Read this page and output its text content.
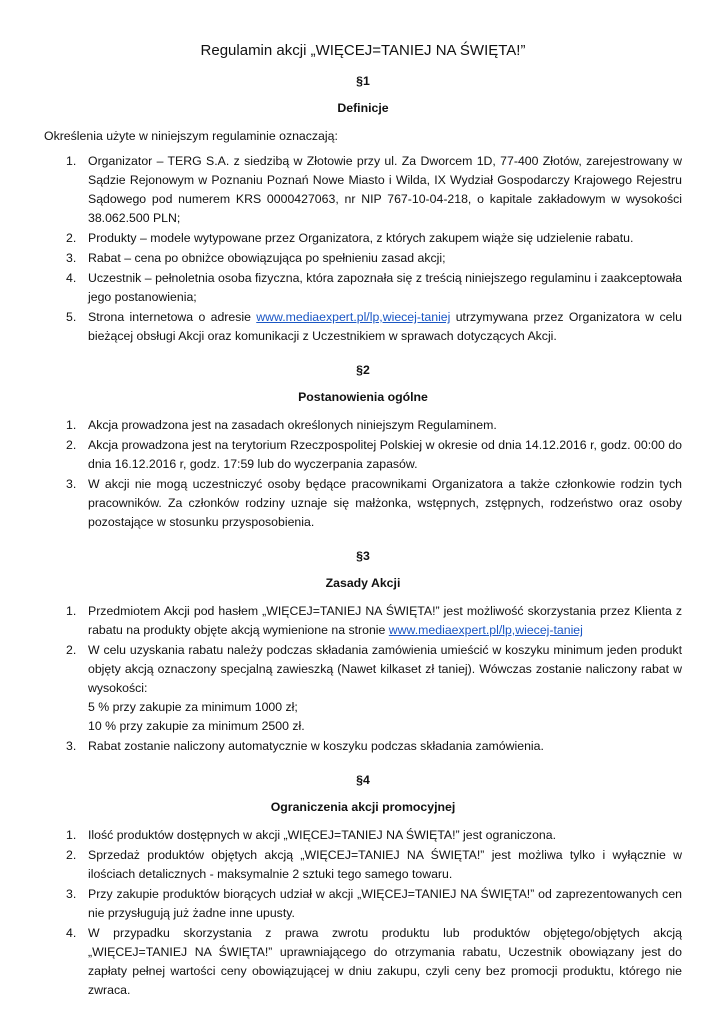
Regulamin akcji „WIĘCEJ=TANIEJ NA ŚWIĘTA!”
§1
Definicje
Określenia użyte w niniejszym regulaminie oznaczają:
1. Organizator – TERG S.A. z siedzibą w Złotowie przy ul. Za Dworcem 1D, 77-400 Złotów, zarejestrowany w Sądzie Rejonowym w Poznaniu Poznań Nowe Miasto i Wilda, IX Wydział Gospodarczy Krajowego Rejestru Sądowego pod numerem KRS 0000427063, nr NIP 767-10-04-218, o kapitale zakładowym w wysokości 38.062.500 PLN;
2. Produkty – modele wytypowane przez Organizatora, z których zakupem wiąże się udzielenie rabatu.
3. Rabat – cena po obniżce obowiązująca po spełnieniu zasad akcji;
4. Uczestnik – pełnoletnia osoba fizyczna, która zapoznała się z treścią niniejszego regulaminu i zaakceptowała jego postanowienia;
5. Strona internetowa o adresie www.mediaexpert.pl/lp,wiecej-taniej utrzymywana przez Organizatora w celu bieżącej obsługi Akcji oraz komunikacji z Uczestnikiem w sprawach dotyczących Akcji.
§2
Postanowienia ogólne
1. Akcja prowadzona jest na zasadach określonych niniejszym Regulaminem.
2. Akcja prowadzona jest na terytorium Rzeczpospolitej Polskiej w okresie od dnia 14.12.2016 r, godz. 00:00 do dnia 16.12.2016 r, godz. 17:59 lub do wyczerpania zapasów.
3. W akcji nie mogą uczestniczyć osoby będące pracownikami Organizatora a także członkowie rodzin tych pracowników. Za członków rodziny uznaje się małżonka, wstępnych, zstępnych, rodzeństwo oraz osoby pozostające w stosunku przysposobienia.
§3
Zasady Akcji
1. Przedmiotem Akcji pod hasłem „WIĘCEJ=TANIEJ NA ŚWIĘTA!” jest możliwość skorzystania przez Klienta z rabatu na produkty objęte akcją wymienione na stronie www.mediaexpert.pl/lp,wiecej-taniej
2. W celu uzyskania rabatu należy podczas składania zamówienia umieścić w koszyku minimum jeden produkt objęty akcją oznaczony specjalną zawieszką (Nawet kilkaset zł taniej). Wówczas zostanie naliczony rabat w wysokości:
5 % przy zakupie za minimum 1000 zł;
10 % przy zakupie za minimum 2500 zł.
3. Rabat zostanie naliczony automatycznie w koszyku podczas składania zamówienia.
§4
Ograniczenia akcji promocyjnej
1. Ilość produktów dostępnych w akcji „WIĘCEJ=TANIEJ NA ŚWIĘTA!” jest ograniczona.
2. Sprzedaż produktów objętych akcją „WIĘCEJ=TANIEJ NA ŚWIĘTA!” jest możliwa tylko i wyłącznie w ilościach detalicznych - maksymalnie 2 sztuki tego samego towaru.
3. Przy zakupie produktów biorących udział w akcji „WIĘCEJ=TANIEJ NA ŚWIĘTA!” od zaprezentowanych cen nie przysługują już żadne inne upusty.
4. W przypadku skorzystania z prawa zwrotu produktu lub produktów objętego/objętych akcją „WIĘCEJ=TANIEJ NA ŚWIĘTA!” uprawniającego do otrzymania rabatu, Uczestnik obowiązany jest do zapłaty pełnej wartości ceny obowiązującej w dniu zakupu, czyli ceny bez promocji produktu, którego nie zwraca.
